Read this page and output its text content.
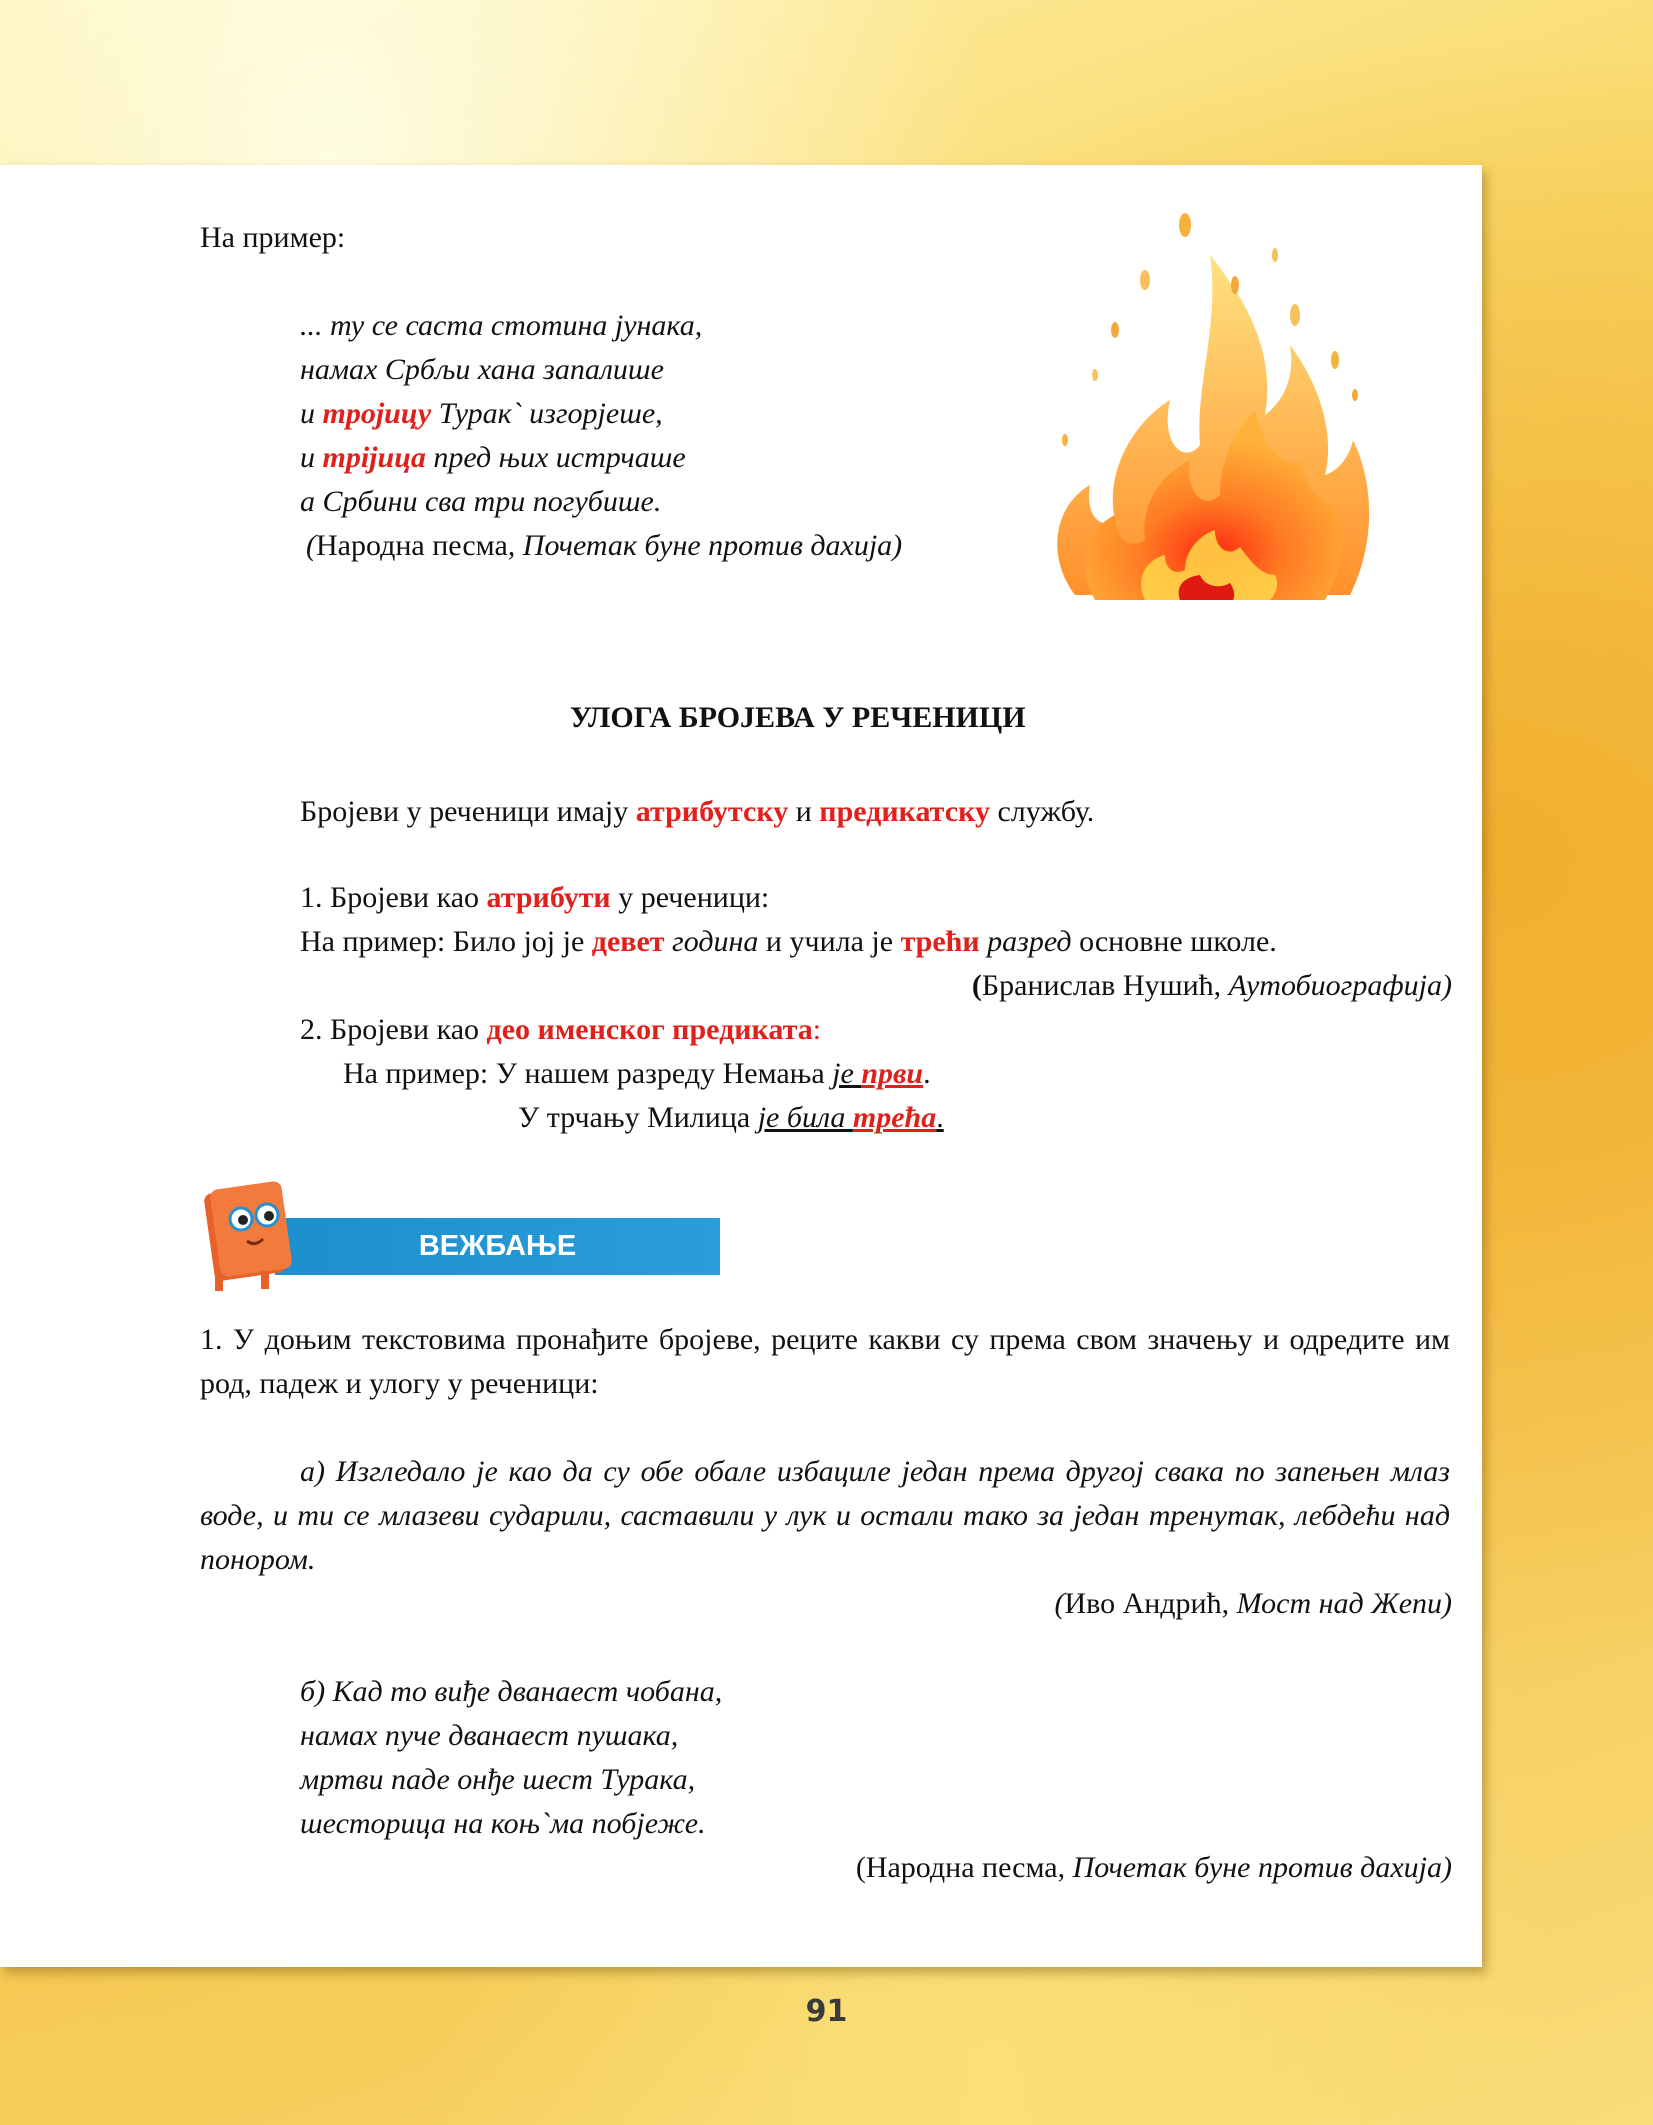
На пример:
... ту се саста стотина јунака,
намах Србљи хана запалише
и тројицу Турак` изгорјеше,
и трijица пред њих истрчаше
а Србини сва три погубише.
(Народна песма, Почетак буне против дахија)
УЛОГА БРОЈЕВА У РЕЧЕНИЦИ
Бројеви у реченици имају атрибутску и предикатску службу.
1. Бројеви као атрибути у реченици:
На пример: Било јој је девет година и учила је трећи разред основне школе.
(Бранислав Нушић, Аутобиографија)
2. Бројеви као део именског предиката:
На пример: У нашем разреду Немања је први.
У трчању Милица је била трећа.
ВЕЖБАЊЕ
1. У доњим текстовима пронађите бројеве, реците какви су према свом значењу и одредите им род, падеж и улогу у реченици:
а) Изгледало је као да су обе обале избациле један према другој свака по запењен млаз воде, и ти се млазеви сударили, саставили у лук и остали тако за један тренутак, лебдећи над понором.
(Иво Андрић, Мост над Жепи)
б) Кад то виђе дванаест чобана,
намах пуче дванаест пушака,
мртви паде онђе шест Турака,
шесторица на коњ`ма побјеже.
(Народна песма, Почетак буне против дахија)
91
